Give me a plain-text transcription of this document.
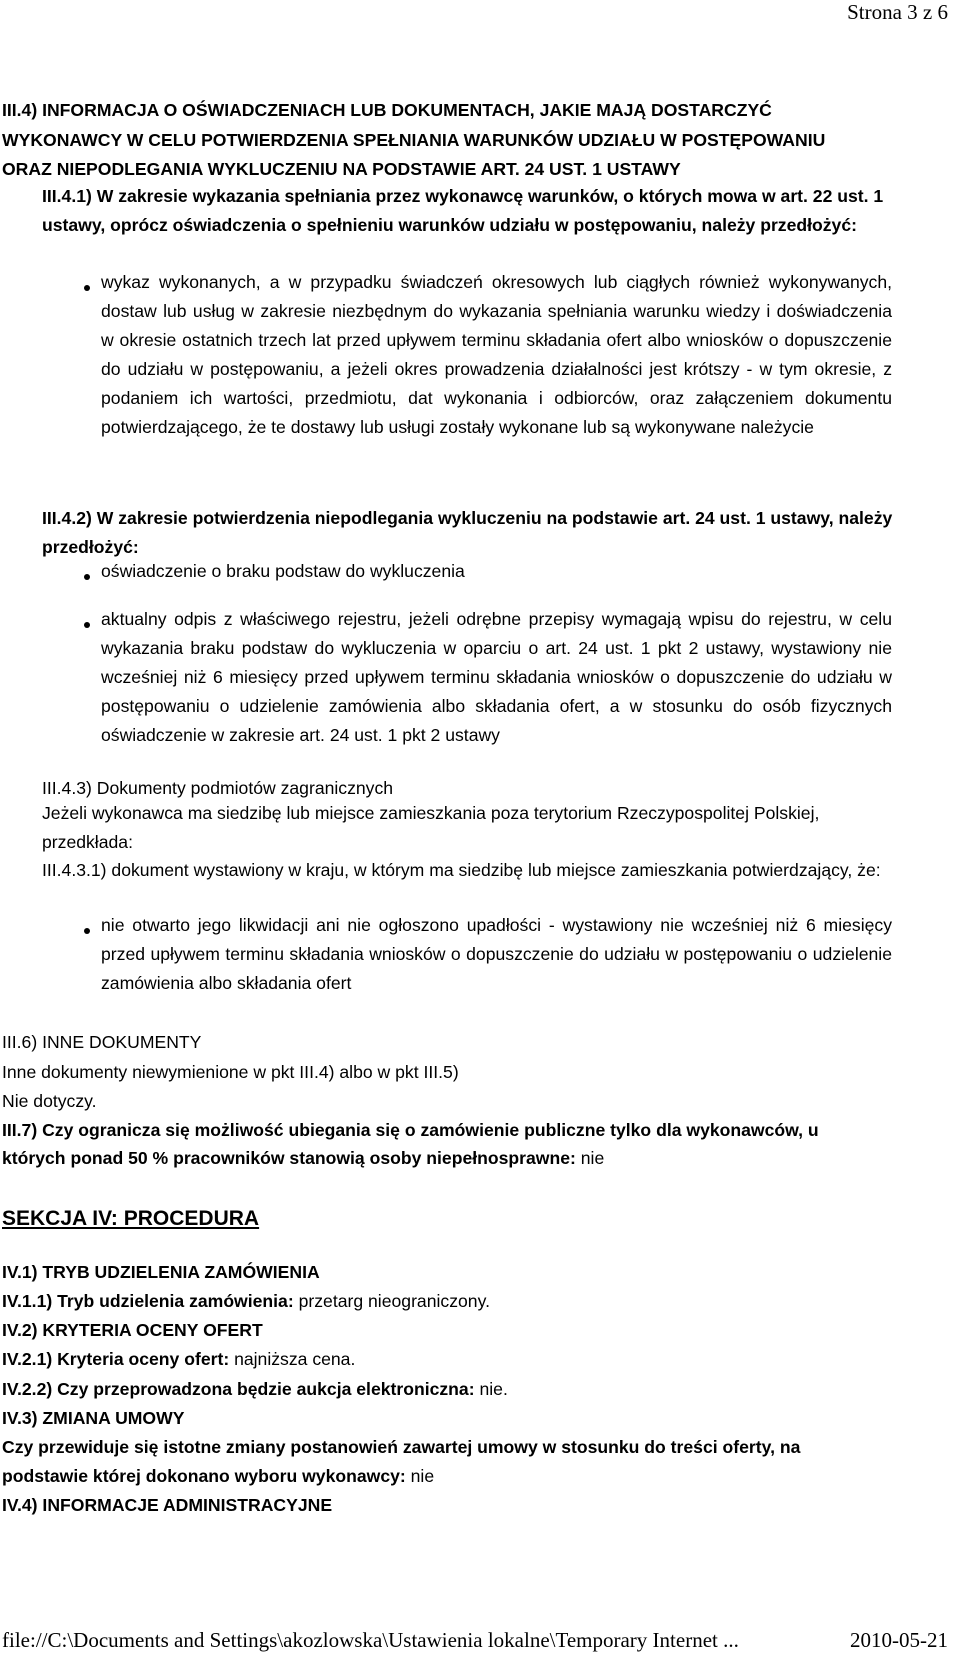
Strona 3 z 6
III.4) INFORMACJA O OŚWIADCZENIACH LUB DOKUMENTACH, JAKIE MAJĄ DOSTARCZYĆ
WYKONAWCY W CELU POTWIERDZENIA SPEŁNIANIA WARUNKÓW UDZIAŁU W POSTĘPOWANIU
ORAZ NIEPODLEGANIA WYKLUCZENIU NA PODSTAWIE ART. 24 UST. 1 USTAWY
III.4.1) W zakresie wykazania spełniania przez wykonawcę warunków, o których mowa w art. 22 ust. 1 ustawy, oprócz oświadczenia o spełnieniu warunków udziału w postępowaniu, należy przedłożyć:
wykaz wykonanych, a w przypadku świadczeń okresowych lub ciągłych również wykonywanych, dostaw lub usług w zakresie niezbędnym do wykazania spełniania warunku wiedzy i doświadczenia w okresie ostatnich trzech lat przed upływem terminu składania ofert albo wniosków o dopuszczenie do udziału w postępowaniu, a jeżeli okres prowadzenia działalności jest krótszy - w tym okresie, z podaniem ich wartości, przedmiotu, dat wykonania i odbiorców, oraz załączeniem dokumentu potwierdzającego, że te dostawy lub usługi zostały wykonane lub są wykonywane należycie
III.4.2) W zakresie potwierdzenia niepodlegania wykluczeniu na podstawie art. 24 ust. 1 ustawy, należy przedłożyć:
oświadczenie o braku podstaw do wykluczenia
aktualny odpis z właściwego rejestru, jeżeli odrębne przepisy wymagają wpisu do rejestru, w celu wykazania braku podstaw do wykluczenia w oparciu o art. 24 ust. 1 pkt 2 ustawy, wystawiony nie wcześniej niż 6 miesięcy przed upływem terminu składania wniosków o dopuszczenie do udziału w postępowaniu o udzielenie zamówienia albo składania ofert, a w stosunku do osób fizycznych oświadczenie w zakresie art. 24 ust. 1 pkt 2 ustawy
III.4.3) Dokumenty podmiotów zagranicznych
Jeżeli wykonawca ma siedzibę lub miejsce zamieszkania poza terytorium Rzeczypospolitej Polskiej, przedkłada:
III.4.3.1) dokument wystawiony w kraju, w którym ma siedzibę lub miejsce zamieszkania potwierdzający, że:
nie otwarto jego likwidacji ani nie ogłoszono upadłości - wystawiony nie wcześniej niż 6 miesięcy przed upływem terminu składania wniosków o dopuszczenie do udziału w postępowaniu o udzielenie zamówienia albo składania ofert
III.6) INNE DOKUMENTY
Inne dokumenty niewymienione w pkt III.4) albo w pkt III.5)
Nie dotyczy.
III.7) Czy ogranicza się możliwość ubiegania się o zamówienie publiczne tylko dla wykonawców, u
których ponad 50 % pracowników stanowią osoby niepełnosprawne: nie
SEKCJA IV: PROCEDURA
IV.1) TRYB UDZIELENIA ZAMÓWIENIA
IV.1.1) Tryb udzielenia zamówienia: przetarg nieograniczony.
IV.2) KRYTERIA OCENY OFERT
IV.2.1) Kryteria oceny ofert: najniższa cena.
IV.2.2) Czy przeprowadzona będzie aukcja elektroniczna: nie.
IV.3) ZMIANA UMOWY
Czy przewiduje się istotne zmiany postanowień zawartej umowy w stosunku do treści oferty, na
podstawie której dokonano wyboru wykonawcy: nie
IV.4) INFORMACJE ADMINISTRACYJNE
file://C:\Documents and Settings\akozlowska\Ustawienia lokalne\Temporary Internet ...	2010-05-21
